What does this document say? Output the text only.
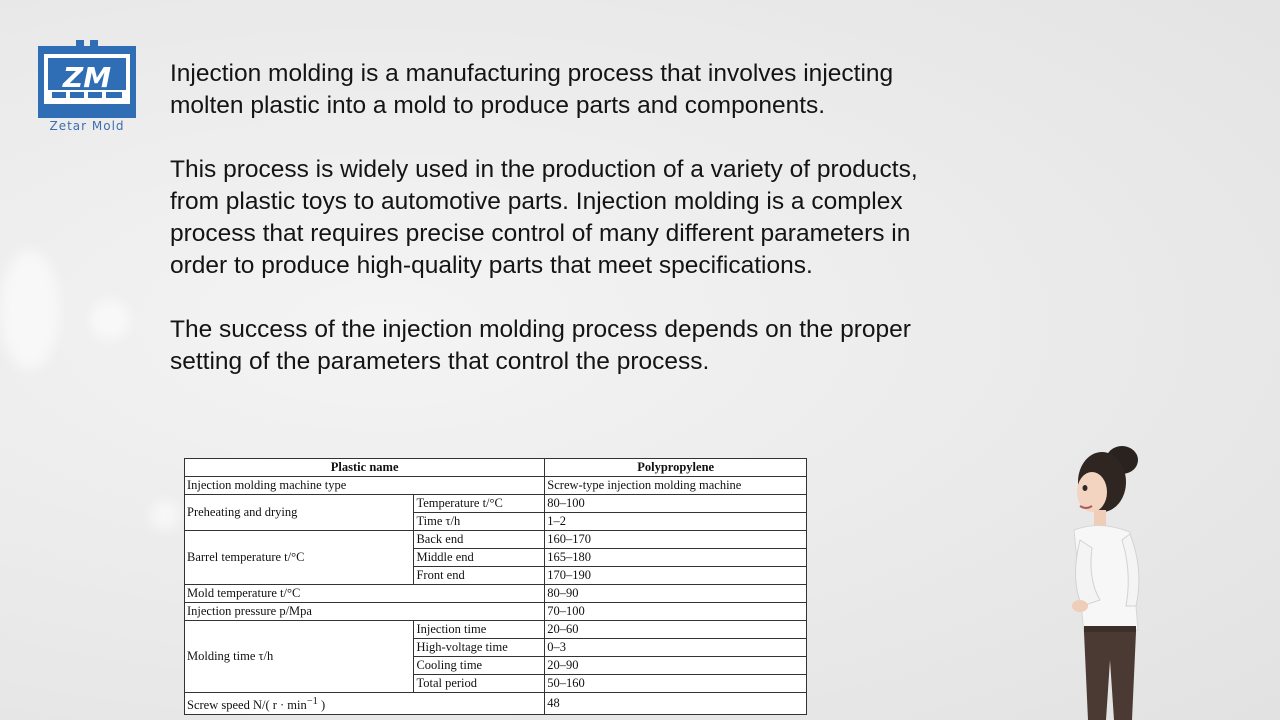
ZM
Zetar Mold

Injection molding is a manufacturing process that involves injecting molten plastic into a mold to produce parts and components.

This process is widely used in the production of a variety of products, from plastic toys to automotive parts. Injection molding is a complex process that requires precise control of many different parameters in order to produce high-quality parts that meet specifications.

The success of the injection molding process depends on the proper setting of the parameters that control the process.

Plastic name		Polypropylene
Injection molding machine type		Screw-type injection molding machine
Preheating and drying	Temperature t/°C	80–100
	Time τ/h	1–2
Barrel temperature t/°C	Back end	160–170
	Middle end	165–180
	Front end	170–190
Mold temperature t/°C		80–90
Injection pressure p/Mpa		70–100
Molding time τ/h	Injection time	20–60
	High-voltage time	0–3
	Cooling time	20–90
	Total period	50–160
Screw speed N/( $r \cdot \min^{-1}$ )		48
